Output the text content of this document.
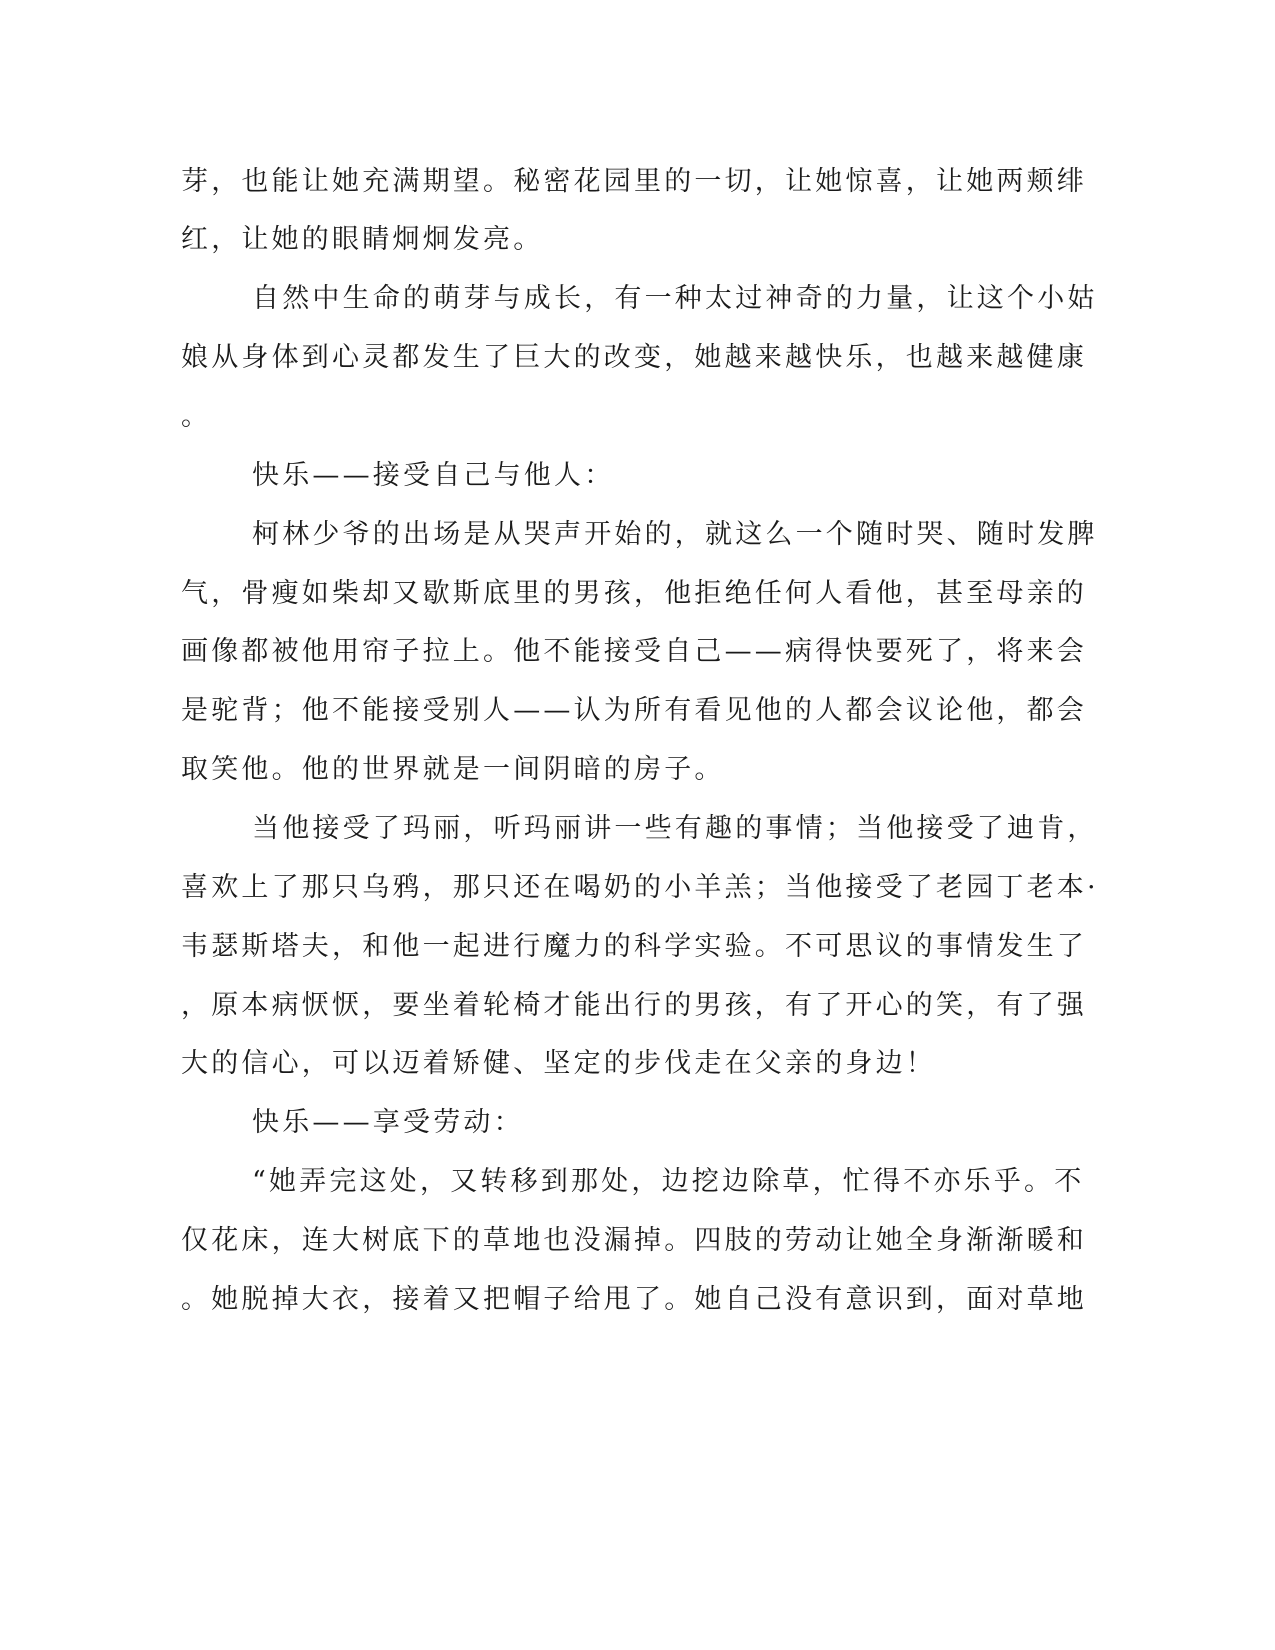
芽，也能让她充满期望。秘密花园里的一切，让她惊喜，让她两颊绯

红，让她的眼睛炯炯发亮。

自然中生命的萌芽与成长，有一种太过神奇的力量，让这个小姑

娘从身体到心灵都发生了巨大的改变，她越来越快乐，也越来越健康

。

快乐——接受自己与他人：

柯林少爷的出场是从哭声开始的，就这么一个随时哭、随时发脾

气，骨瘦如柴却又歇斯底里的男孩，他拒绝任何人看他，甚至母亲的

画像都被他用帘子拉上。他不能接受自己——病得快要死了，将来会

是驼背；他不能接受别人——认为所有看见他的人都会议论他，都会

取笑他。他的世界就是一间阴暗的房子。

当他接受了玛丽，听玛丽讲一些有趣的事情；当他接受了迪肯，

喜欢上了那只乌鸦，那只还在喝奶的小羊羔；当他接受了老园丁老本·

韦瑟斯塔夫，和他一起进行魔力的科学实验。不可思议的事情发生了

，原本病恹恹，要坐着轮椅才能出行的男孩，有了开心的笑，有了强

大的信心，可以迈着矫健、坚定的步伐走在父亲的身边！

快乐——享受劳动：

“她弄完这处，又转移到那处，边挖边除草，忙得不亦乐乎。不

仅花床，连大树底下的草地也没漏掉。四肢的劳动让她全身渐渐暖和

。她脱掉大衣，接着又把帽子给甩了。她自己没有意识到，面对草地
